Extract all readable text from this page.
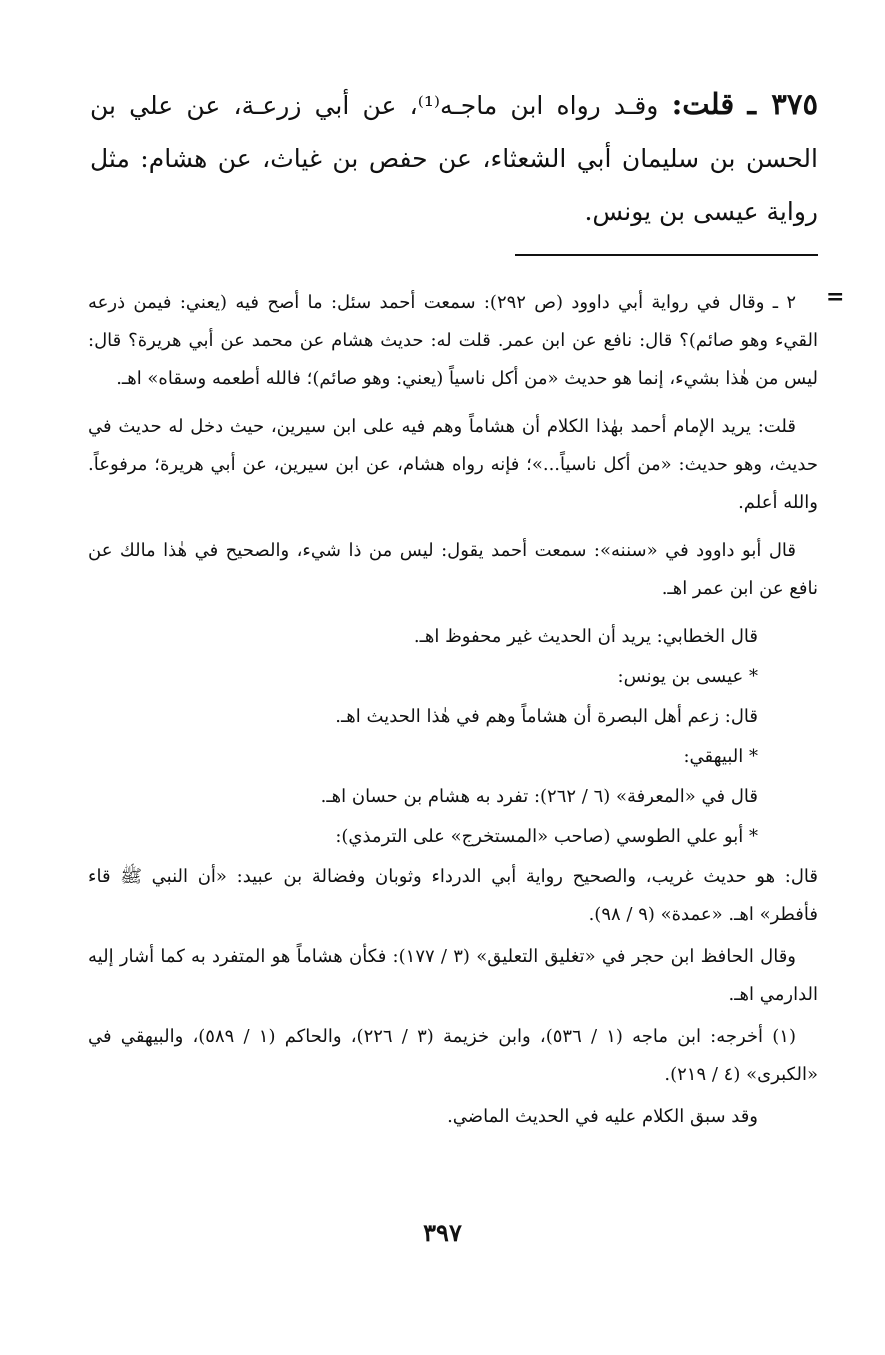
٣٧٥ ـ قلت: وقـد رواه ابن ماجـه⁽¹⁾، عن أبي زرعـة، عن علي بن الحسن بن سليمان أبي الشعثاء، عن حفص بن غياث، عن هشام: مثل رواية عيسى بن يونس.
=

٢ ـ وقال في رواية أبي داوود (ص ٢٩٢): سمعت أحمد سئل: ما أصح فيه (يعني: فيمن ذرعه القيء وهو صائم)؟ قال: نافع عن ابن عمر. قلت له: حديث هشام عن محمد عن أبي هريرة؟ قال: ليس من هٰذا بشيء، إنما هو حديث «من أكل ناسياً (يعني: وهو صائم)؛ فالله أطعمه وسقاه» اهـ.

قلت: يريد الإمام أحمد بهٰذا الكلام أن هشاماً وهم فيه على ابن سيرين، حيث دخل له حديث في حديث، وهو حديث: «من أكل ناسياً...»؛ فإنه رواه هشام، عن ابن سيرين، عن أبي هريرة؛ مرفوعاً. والله أعلم.

قال أبو داوود في «سننه»: سمعت أحمد يقول: ليس من ذا شيء، والصحيح في هٰذا مالك عن نافع عن ابن عمر اهـ.

قال الخطابي: يريد أن الحديث غير محفوظ اهـ.

* عيسى بن يونس:

قال: زعم أهل البصرة أن هشاماً وهم في هٰذا الحديث اهـ.

* البيهقي:

قال في «المعرفة» (٦ / ٢٦٢): تفرد به هشام بن حسان اهـ.

* أبو علي الطوسي (صاحب «المستخرج» على الترمذي):

قال: هو حديث غريب، والصحيح رواية أبي الدرداء وثوبان وفضالة بن عبيد: «أن النبي ﷺ قاء فأفطر» اهـ. «عمدة» (٩ / ٩٨).

وقال الحافظ ابن حجر في «تغليق التعليق» (٣ / ١٧٧): فكأن هشاماً هو المتفرد به كما أشار إليه الدارمي اهـ.

(١) أخرجه: ابن ماجه (١ / ٥٣٦)، وابن خزيمة (٣ / ٢٢٦)، والحاكم (١ / ٥٨٩)، والبيهقي في «الكبرى» (٤ / ٢١٩).

وقد سبق الكلام عليه في الحديث الماضي.

٣٩٧
